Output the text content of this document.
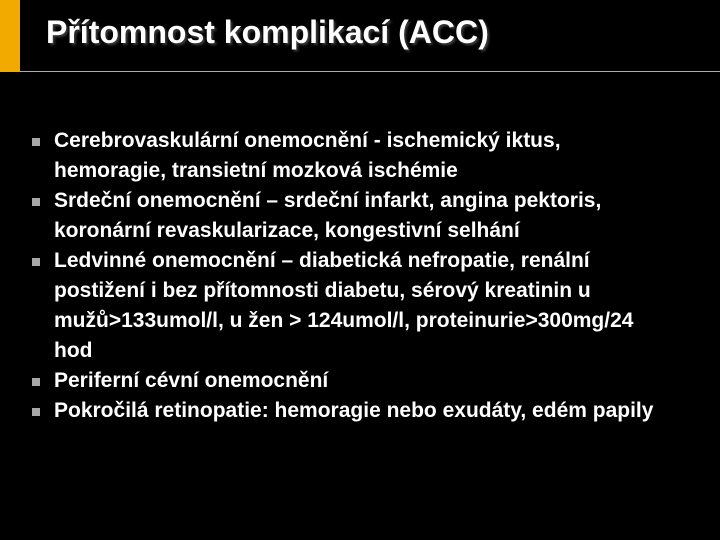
Přítomnost komplikací (ACC)
Cerebrovaskulární onemocnění - ischemický iktus, hemoragie, transietní mozková ischémie
Srdeční onemocnění – srdeční infarkt, angina pektoris, koronární revaskularizace, kongestivní selhání
Ledvinné onemocnění – diabetická nefropatie, renální postižení i bez přítomnosti diabetu, sérový kreatinin u mužů>133umol/l, u žen > 124umol/l, proteinurie>300mg/24 hod
Periferní cévní onemocnění
Pokročilá retinopatie: hemoragie nebo exudáty, edém papily
